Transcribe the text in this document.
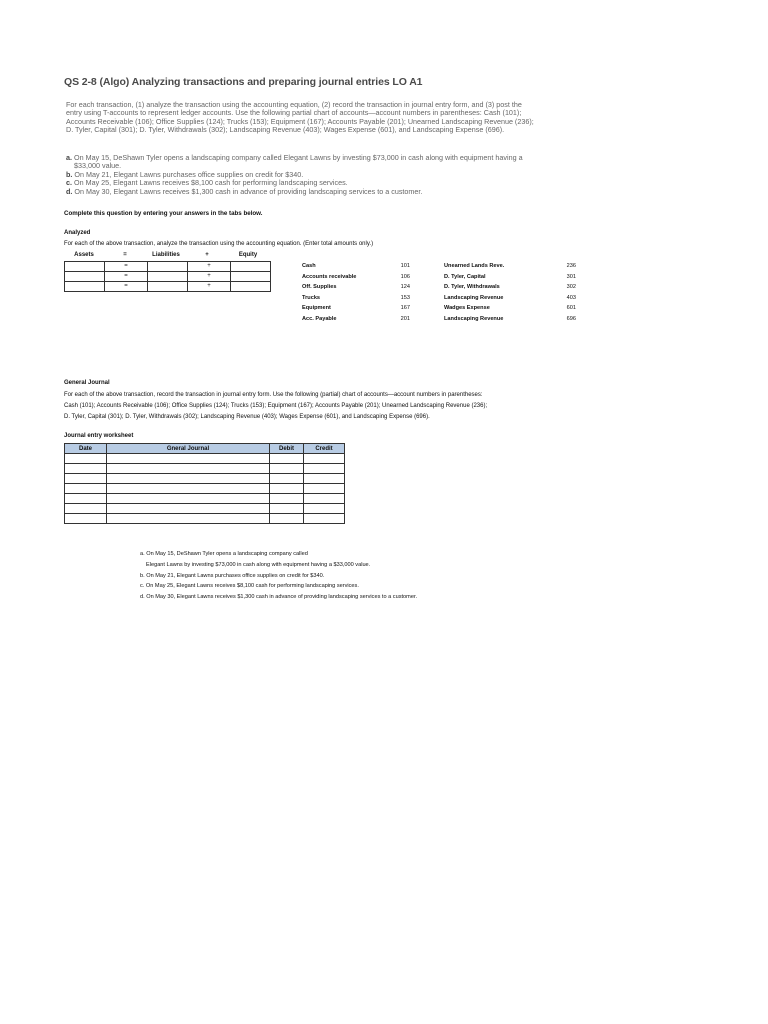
QS 2-8 (Algo) Analyzing transactions and preparing journal entries LO A1

For each transaction, (1) analyze the transaction using the accounting equation, (2) record the transaction in journal entry form, and (3) post the entry using T-accounts to represent ledger accounts. Use the following partial chart of accounts—account numbers in parentheses: Cash (101); Accounts Receivable (106); Office Supplies (124); Trucks (153); Equipment (167); Accounts Payable (201); Unearned Landscaping Revenue (236); D. Tyler, Capital (301); D. Tyler, Withdrawals (302); Landscaping Revenue (403); Wages Expense (601), and Landscaping Expense (696).

a. On May 15, DeShawn Tyler opens a landscaping company called Elegant Lawns by investing $73,000 in cash along with equipment having a $33,000 value.
b. On May 21, Elegant Lawns purchases office supplies on credit for $340.
c. On May 25, Elegant Lawns receives $8,100 cash for performing landscaping services.
d. On May 30, Elegant Lawns receives $1,300 cash in advance of providing landscaping services to a customer.

Complete this question by entering your answers in the tabs below.

Analyzed

For each of the above transaction, analyze the transaction using the accounting equation. (Enter total amounts only.)

Assets	=	Liabilities	+	Equity
	=		+	
	=		+	
	=		+	
Cash	101
Accounts receivable	106
Off. Supplies	124
Trucks	153
Equipment	167
Acc. Payable	201
Unearned Lands Reve.	236
D. Tyler, Capital	301
D. Tyler, Withdrawals	302
Landscaping Revenue	403
Wadges Expense	601
Landscaping Revenue	696

General Journal

For each of the above transaction, record the transaction in journal entry form. Use the following (partial) chart of accounts—account numbers in parentheses:

Cash (101); Accounts Receivable (106); Office Supplies (124); Trucks (153); Equipment (167); Accounts Payable (201); Unearned Landscaping Revenue (236);

D. Tyler, Capital (301); D. Tyler, Withdrawals (302); Landscaping Revenue (403); Wages Expense (601), and Landscaping Expense (696).

Journal entry worksheet

Date	Gneral Journal	Debit	Credit

a. On May 15, DeShawn Tyler opens a landscaping company called
Elegant Lawns by investing $73,000 in cash along with equipment having a $33,000 value.
b. On May 21, Elegant Lawns purchases office supplies on credit for $340.
c. On May 25, Elegant Lawns receives $8,100 cash for performing landscaping services.
d. On May 30, Elegant Lawns receives $1,300 cash in advance of providing landscaping services to a customer.
